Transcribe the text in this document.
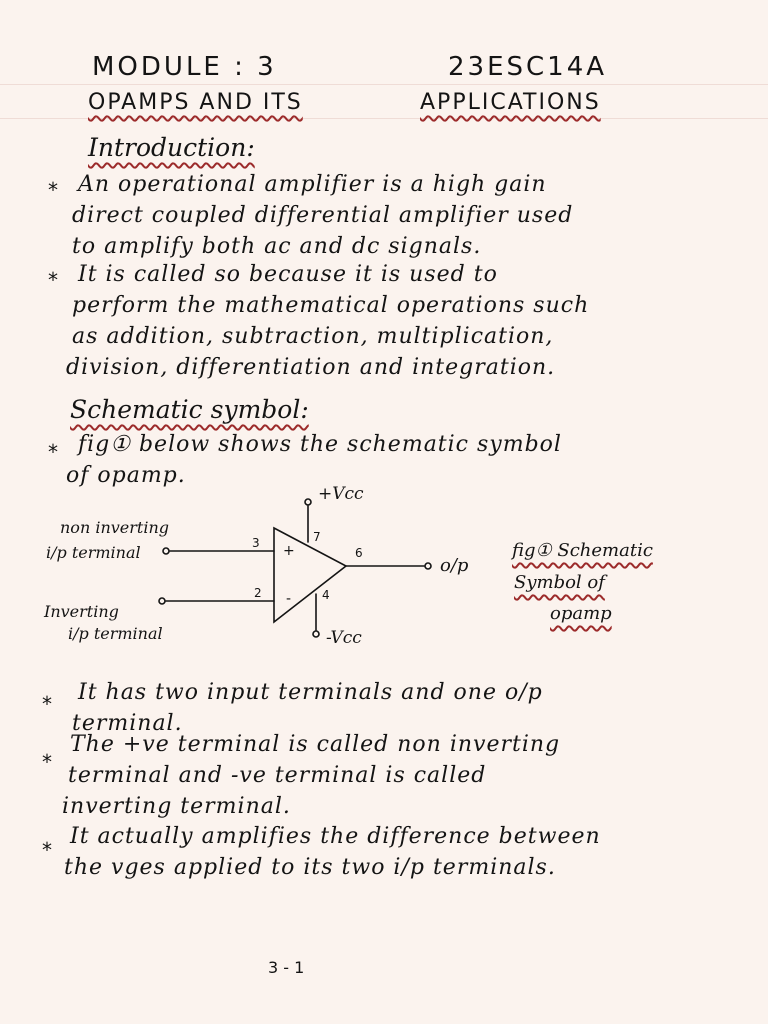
MODULE : 3	23ESC14A
OPAMPS AND ITS	APPLICATIONS
Introduction:
* An operational amplifier is a high gain
direct coupled differential amplifier used
to amplify both ac and dc signals.
* It is called so because it is used to
perform the mathematical operations such
as addition, subtraction, multiplication,
division, differentiation and integration.
Schematic symbol:
* fig① below shows the schematic symbol
of opamp.
+
-
3
2
7
4
6
+Vcc
-Vcc
non inverting
i/p terminal
Inverting
i/p terminal
o/p
fig① Schematic
Symbol of
opamp
* It has two input terminals and one o/p
terminal.
*
The +ve terminal is called non inverting
terminal and -ve terminal is called
inverting terminal.
*
It actually amplifies the difference between
the vges applied to its two i/p terminals.
3 - 1
